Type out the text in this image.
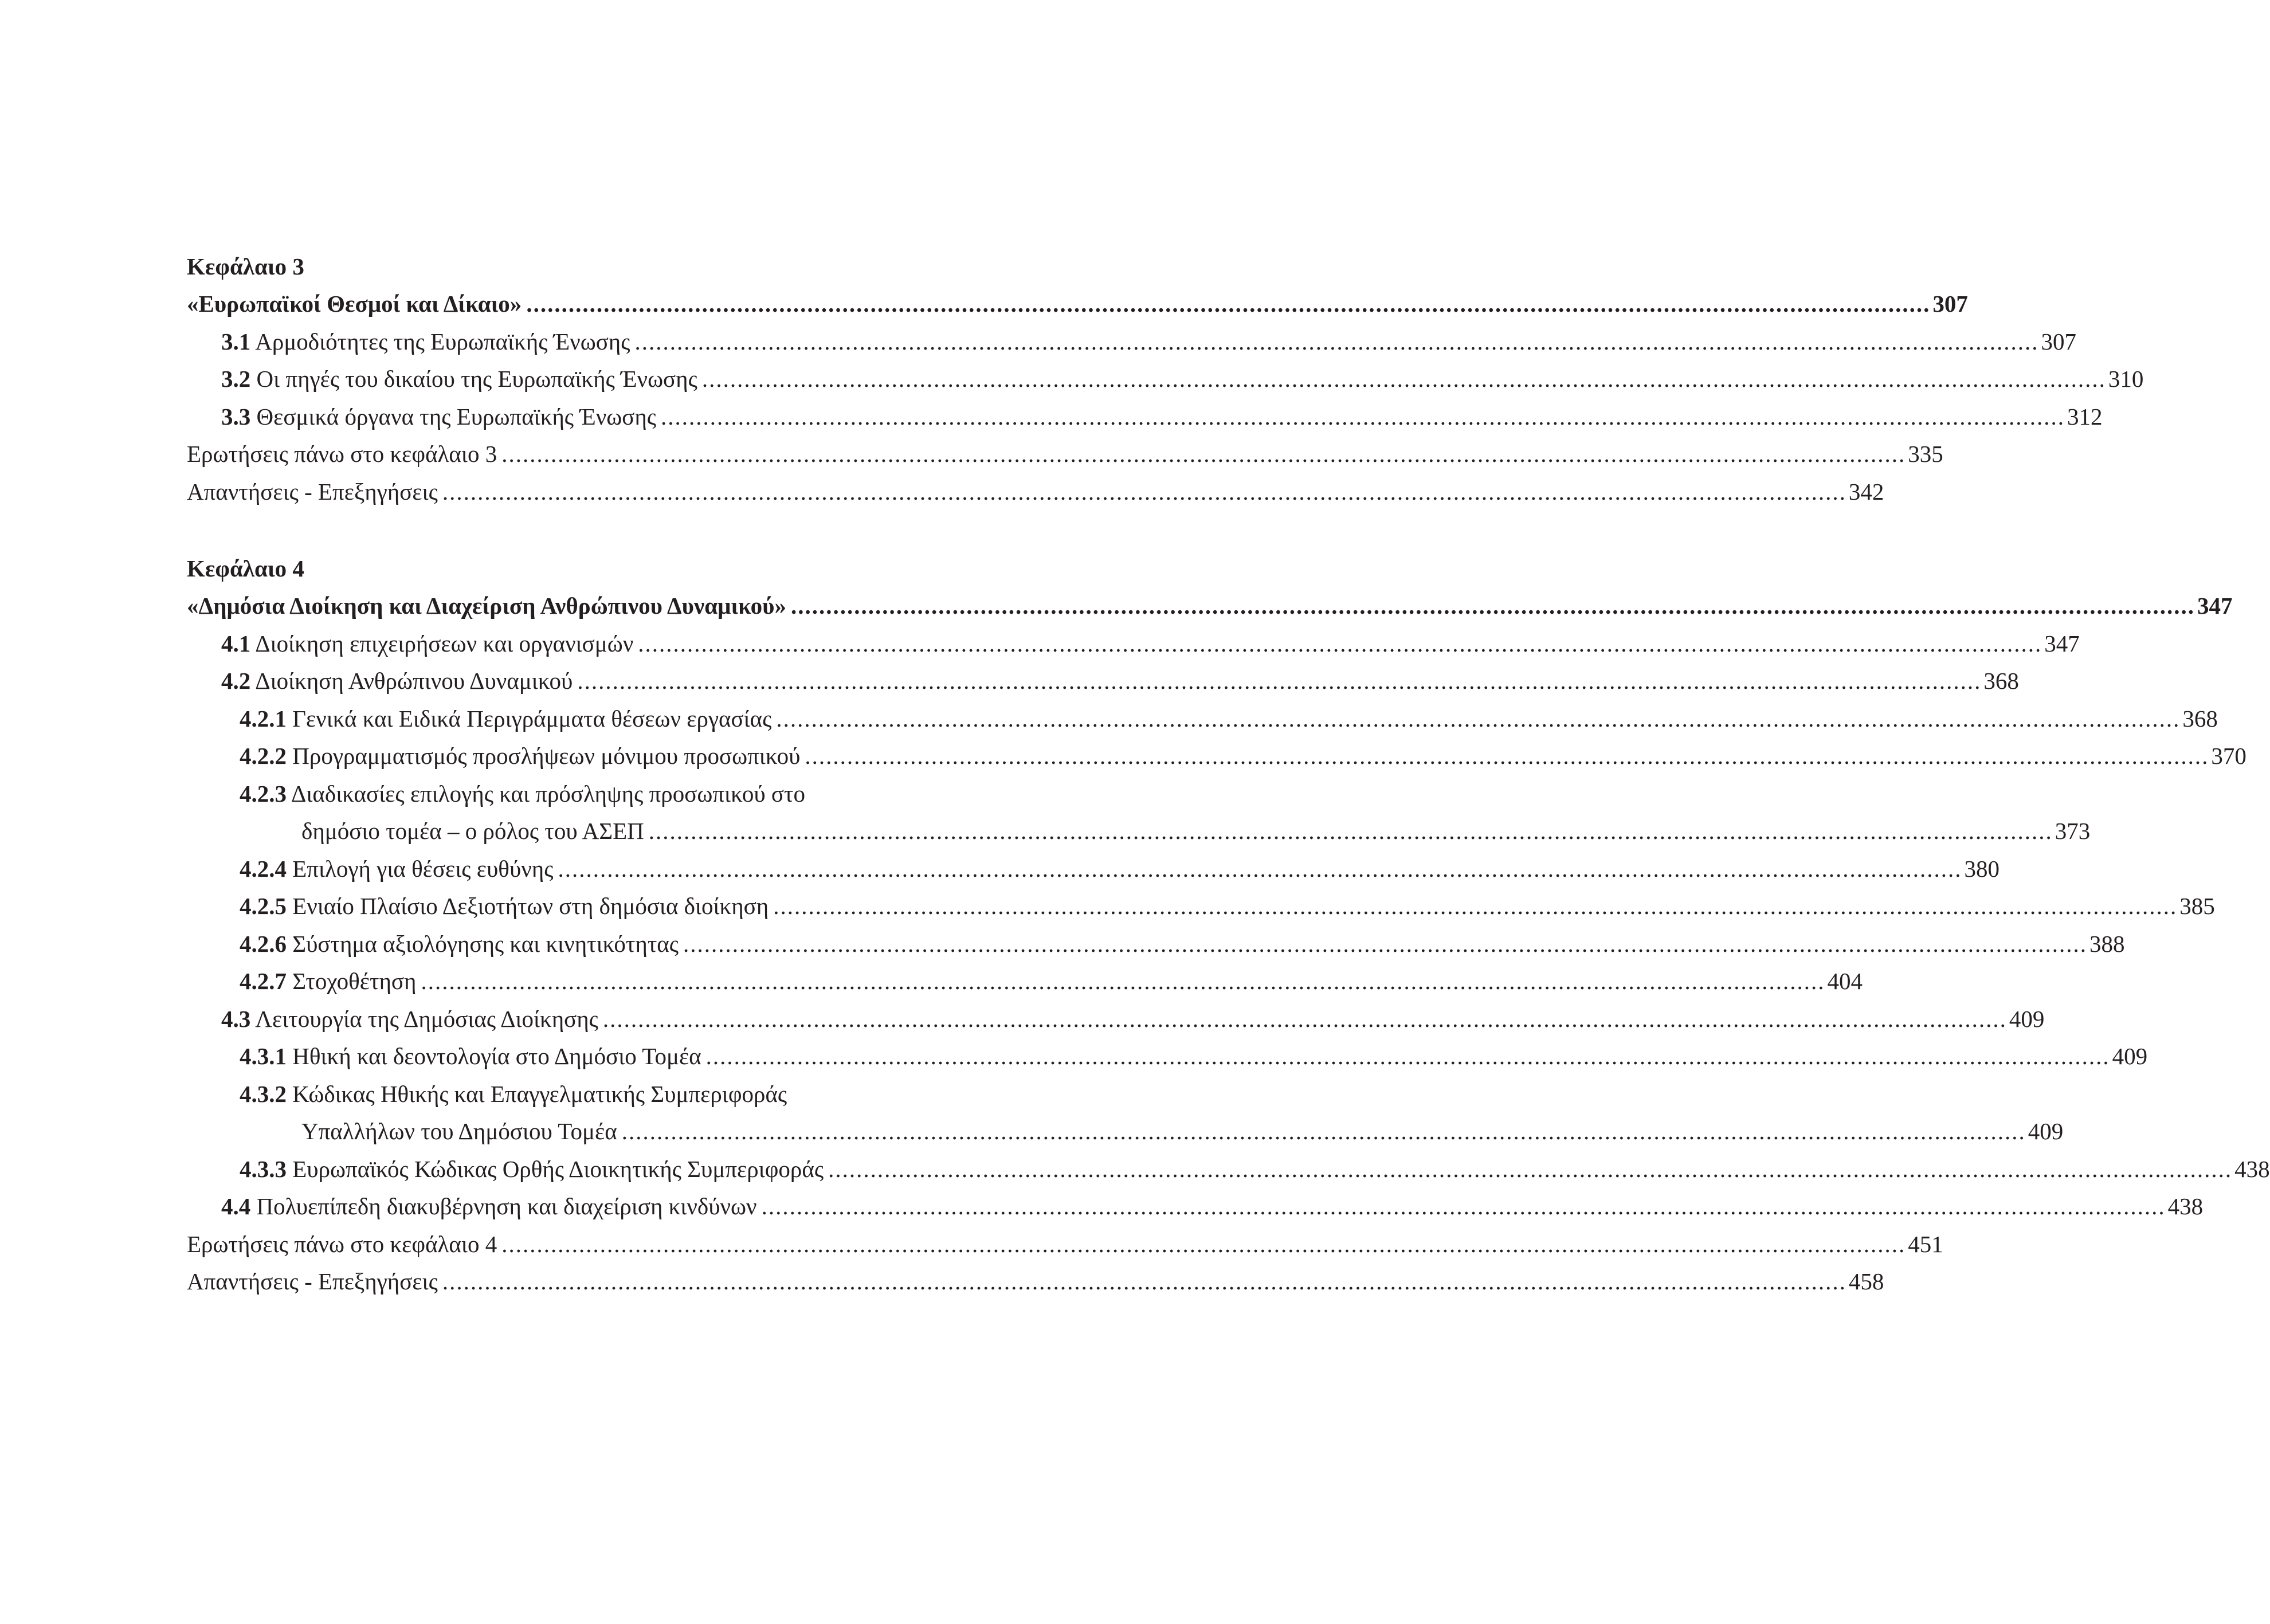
Κεφάλαιο 3
«Ευρωπαϊκοί Θεσμοί και Δίκαιο» ........................................................................................................................................................................................................ 307
3.1 Αρμοδιότητες της Ευρωπαϊκής Ένωσης ........................................................................................................................................................................................................ 307
3.2 Οι πηγές του δικαίου της Ευρωπαϊκής Ένωσης ........................................................................................................................................................................................................ 310
3.3 Θεσμικά όργανα της Ευρωπαϊκής Ένωσης ........................................................................................................................................................................................................ 312
Ερωτήσεις πάνω στο κεφάλαιο 3 ........................................................................................................................................................................................................ 335
Απαντήσεις - Επεξηγήσεις ........................................................................................................................................................................................................ 342
Κεφάλαιο 4
«Δημόσια Διοίκηση και Διαχείριση Ανθρώπινου Δυναμικού» ........................................................................................................................................................................................................ 347
4.1 Διοίκηση επιχειρήσεων και οργανισμών ........................................................................................................................................................................................................ 347
4.2 Διοίκηση Ανθρώπινου Δυναμικού ........................................................................................................................................................................................................ 368
4.2.1 Γενικά και Ειδικά Περιγράμματα θέσεων εργασίας ........................................................................................................................................................................................................ 368
4.2.2 Προγραμματισμός προσλήψεων μόνιμου προσωπικού ........................................................................................................................................................................................................ 370
4.2.3 Διαδικασίες επιλογής και πρόσληψης προσωπικού στο
δημόσιο τομέα – ο ρόλος του ΑΣΕΠ ........................................................................................................................................................................................................ 373
4.2.4 Επιλογή για θέσεις ευθύνης ........................................................................................................................................................................................................ 380
4.2.5 Ενιαίο Πλαίσιο Δεξιοτήτων στη δημόσια διοίκηση ........................................................................................................................................................................................................ 385
4.2.6 Σύστημα αξιολόγησης και κινητικότητας ........................................................................................................................................................................................................ 388
4.2.7 Στοχοθέτηση ........................................................................................................................................................................................................ 404
4.3 Λειτουργία της Δημόσιας Διοίκησης ........................................................................................................................................................................................................ 409
4.3.1 Ηθική και δεοντολογία στο Δημόσιο Τομέα ........................................................................................................................................................................................................ 409
4.3.2 Κώδικας Ηθικής και Επαγγελματικής Συμπεριφοράς
Υπαλλήλων του Δημόσιου Τομέα ........................................................................................................................................................................................................ 409
4.3.3 Ευρωπαϊκός Κώδικας Ορθής Διοικητικής Συμπεριφοράς ........................................................................................................................................................................................................ 438
4.4 Πολυεπίπεδη διακυβέρνηση και διαχείριση κινδύνων ........................................................................................................................................................................................................ 438
Ερωτήσεις πάνω στο κεφάλαιο 4 ........................................................................................................................................................................................................ 451
Απαντήσεις - Επεξηγήσεις ........................................................................................................................................................................................................ 458
